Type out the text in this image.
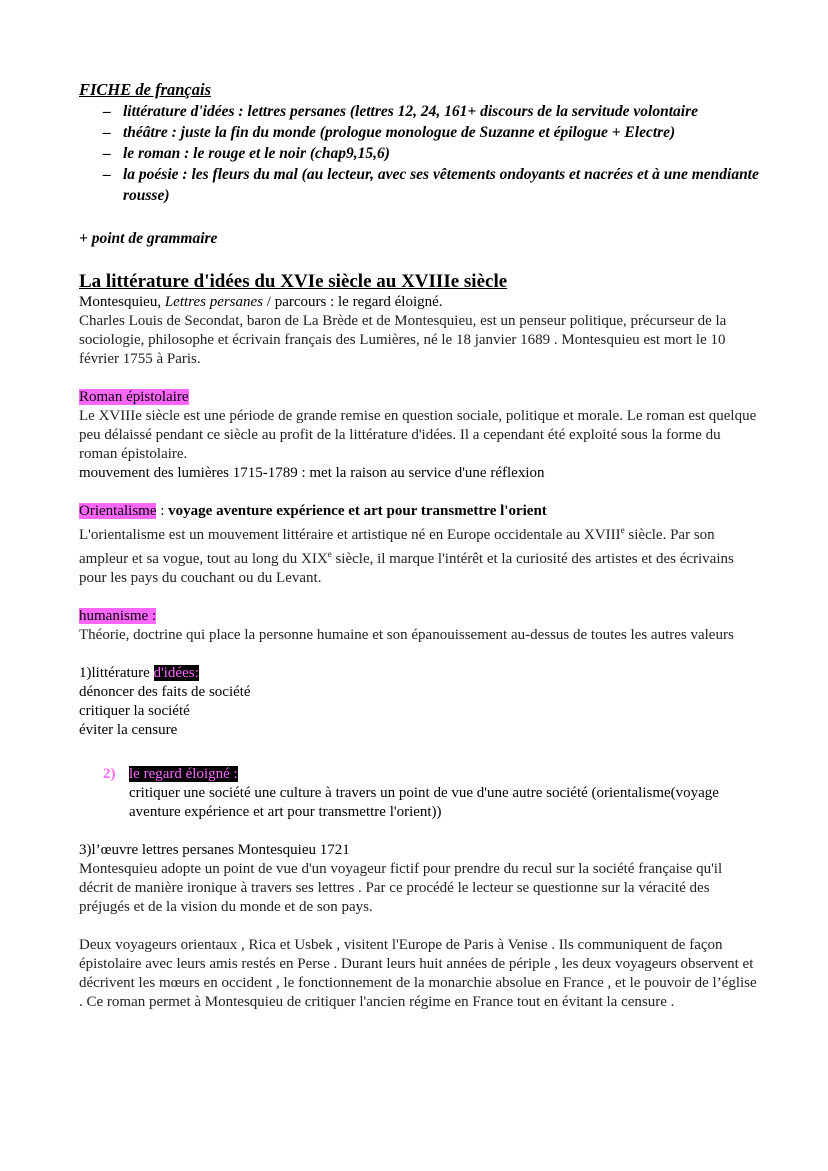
FICHE de français
– littérature d'idées : lettres persanes (lettres 12, 24, 161+ discours de la servitude volontaire
– théâtre : juste la fin du monde (prologue monologue de Suzanne et épilogue + Electre)
– le roman : le rouge et le noir (chap9,15,6)
– la poésie : les fleurs du mal (au lecteur, avec ses vêtements ondoyants et nacrées et à une mendiante rousse)
+ point de grammaire
La littérature d'idées du XVIe siècle au XVIIIe siècle

Montesquieu, Lettres persanes / parcours : le regard éloigné.

Charles Louis de Secondat, baron de La Brède et de Montesquieu, est un penseur politique, précurseur de la sociologie, philosophe et écrivain français des Lumières, né le 18 janvier 1689 . Montesquieu est mort le 10 février 1755 à Paris.

Roman épistolaire

Le XVIIIe siècle est une période de grande remise en question sociale, politique et morale. Le roman est quelque peu délaissé pendant ce siècle au profit de la littérature d'idées. Il a cependant été exploité sous la forme du roman épistolaire.

mouvement des lumières 1715-1789 : met la raison au service d'une réflexion

Orientalisme : voyage aventure expérience et art pour transmettre l'orient

L'orientalisme est un mouvement littéraire et artistique né en Europe occidentale au XVIIIe siècle. Par son ampleur et sa vogue, tout au long du XIXe siècle, il marque l'intérêt et la curiosité des artistes et des écrivains pour les pays du couchant ou du Levant.

humanisme :

Théorie, doctrine qui place la personne humaine et son épanouissement au-dessus de toutes les autres valeurs

1)littérature d'idées:

dénoncer des faits de société

critiquer la société

éviter la censure

2) le regard éloigné :

critiquer une société une culture à travers un point de vue d'une autre société (orientalisme(voyage aventure expérience et art pour transmettre l'orient))

3)l’œuvre lettres persanes Montesquieu 1721

Montesquieu adopte un point de vue d'un voyageur fictif pour prendre du recul sur la société française qu'il décrit de manière ironique à travers ses lettres . Par ce procédé le lecteur se questionne sur la véracité des préjugés et de la vision du monde et de son pays.

Deux voyageurs orientaux , Rica et Usbek , visitent l'Europe de Paris à Venise . Ils communiquent de façon épistolaire avec leurs amis restés en Perse . Durant leurs huit années de périple , les deux voyageurs observent et décrivent les mœurs en occident , le fonctionnement de la monarchie absolue en France , et le pouvoir de l’église . Ce roman permet à Montesquieu de critiquer l'ancien régime en France tout en évitant la censure .
